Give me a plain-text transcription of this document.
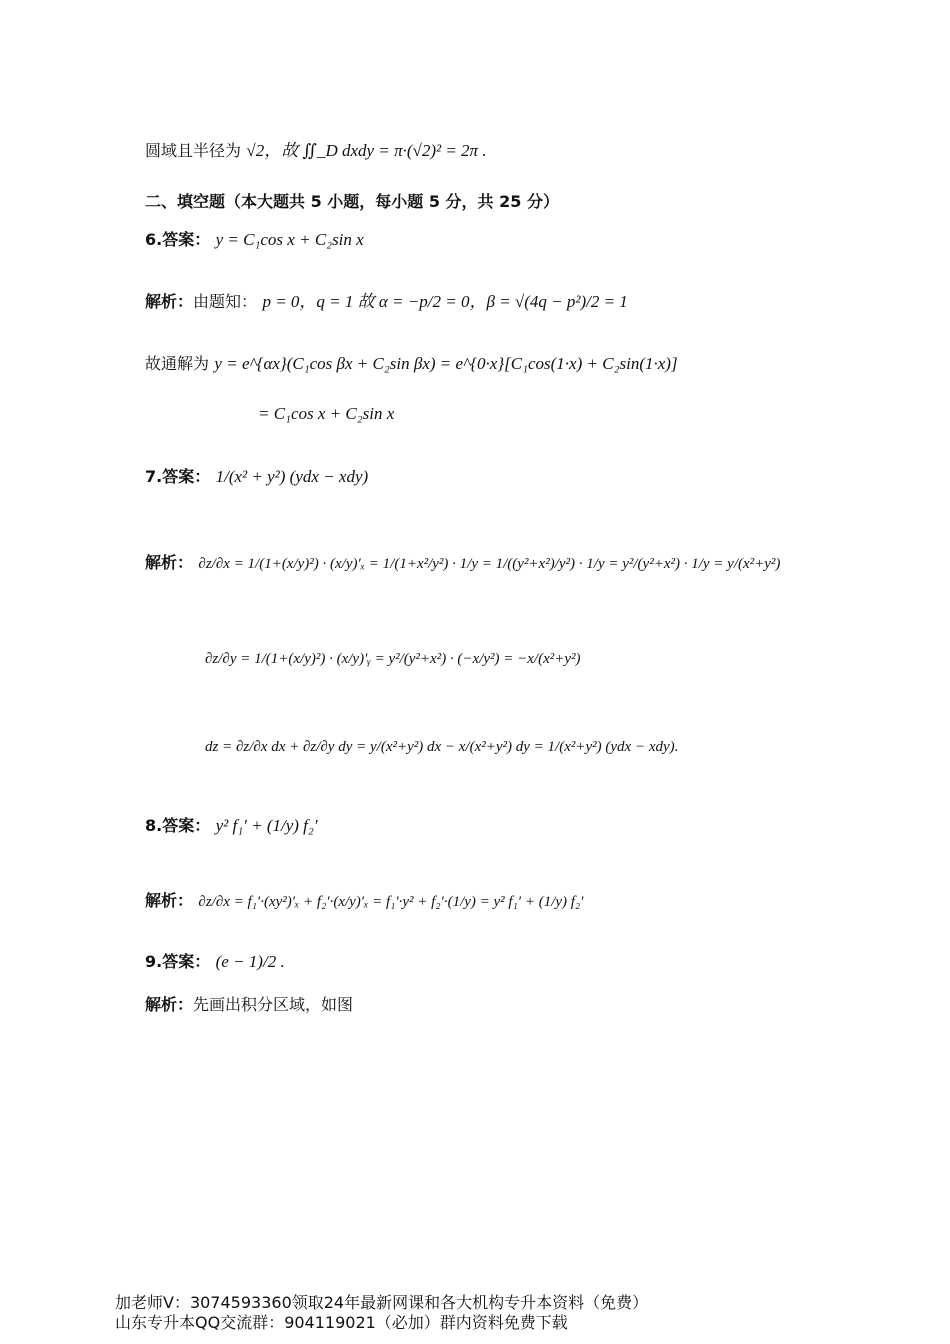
圆域且半径为 √2，故 ∬_D dxdy = π·(√2)² = 2π .
二、填空题（本大题共 5 小题，每小题 5 分，共 25 分）
6.答案： y = C₁cos x + C₂sin x
解析：由题知： p = 0，q = 1 故 α = −p/2 = 0，β = √(4q − p²)/2 = 1
故通解为 y = e^{αx}(C₁cos βx + C₂sin βx) = e^{0·x}[C₁cos(1·x) + C₂sin(1·x)]
= C₁cos x + C₂sin x
7.答案： 1/(x² + y²) (ydx − xdy)
解析： ∂z/∂x = 1/(1+(x/y)²) · (x/y)′ₓ = 1/(1+x²/y²) · 1/y = 1/((y²+x²)/y²) · 1/y = y²/(y²+x²) · 1/y = y/(x²+y²)
∂z/∂y = 1/(1+(x/y)²) · (x/y)′ᵧ = y²/(y²+x²) · (−x/y²) = −x/(x²+y²)
dz = ∂z/∂x dx + ∂z/∂y dy = y/(x²+y²) dx − x/(x²+y²) dy = 1/(x²+y²) (ydx − xdy).
8.答案： y² f₁′ + (1/y) f₂′
解析： ∂z/∂x = f₁′·(xy²)′ₓ + f₂′·(x/y)′ₓ = f₁′·y² + f₂′·(1/y) = y² f₁′ + (1/y) f₂′
9.答案： (e − 1)/2 .
解析：先画出积分区域，如图
加老师V：3074593360领取24年最新网课和各大机构专升本资料（免费）
山东专升本QQ交流群：904119021（必加）群内资料免费下载
